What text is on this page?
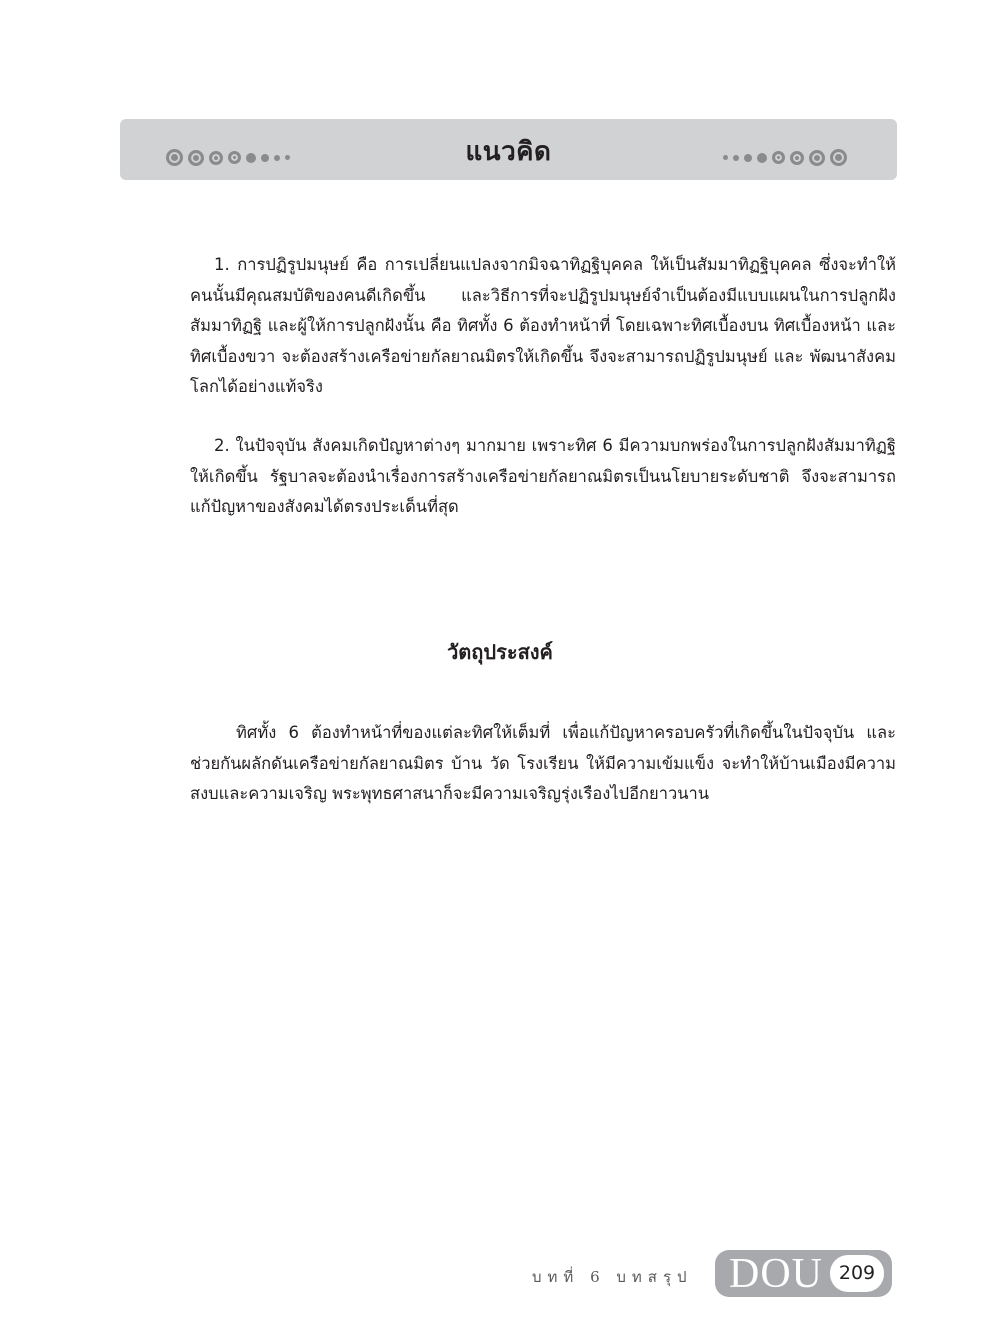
แนวคิด

1. การปฏิรูปมนุษย์ คือ การเปลี่ยนแปลงจากมิจฉาทิฏฐิบุคคล ให้เป็นสัมมาทิฏฐิบุคคล ซึ่งจะทำให้คนนั้นมีคุณสมบัติของคนดีเกิดขึ้น และวิธีการที่จะปฏิรูปมนุษย์จำเป็นต้องมีแบบแผนในการปลูกฝังสัมมาทิฏฐิ และผู้ให้การปลูกฝังนั้น คือ ทิศทั้ง 6 ต้องทำหน้าที่ โดยเฉพาะทิศเบื้องบน ทิศเบื้องหน้า และทิศเบื้องขวา จะต้องสร้างเครือข่ายกัลยาณมิตรให้เกิดขึ้น จึงจะสามารถปฏิรูปมนุษย์ และ พัฒนาสังคมโลกได้อย่างแท้จริง

2. ในปัจจุบัน สังคมเกิดปัญหาต่างๆ มากมาย เพราะทิศ 6 มีความบกพร่องในการปลูกฝังสัมมาทิฏฐิให้เกิดขึ้น รัฐบาลจะต้องนำเรื่องการสร้างเครือข่ายกัลยาณมิตรเป็นนโยบายระดับชาติ จึงจะสามารถแก้ปัญหาของสังคมได้ตรงประเด็นที่สุด

วัตถุประสงค์

ทิศทั้ง 6 ต้องทำหน้าที่ของแต่ละทิศให้เต็มที่ เพื่อแก้ปัญหาครอบครัวที่เกิดขึ้นในปัจจุบัน และช่วยกันผลักดันเครือข่ายกัลยาณมิตร บ้าน วัด โรงเรียน ให้มีความเข้มแข็ง จะทำให้บ้านเมืองมีความสงบและความเจริญ พระพุทธศาสนาก็จะมีความเจริญรุ่งเรืองไปอีกยาวนาน

บทที่ 6 บทสรุป DOU 209
